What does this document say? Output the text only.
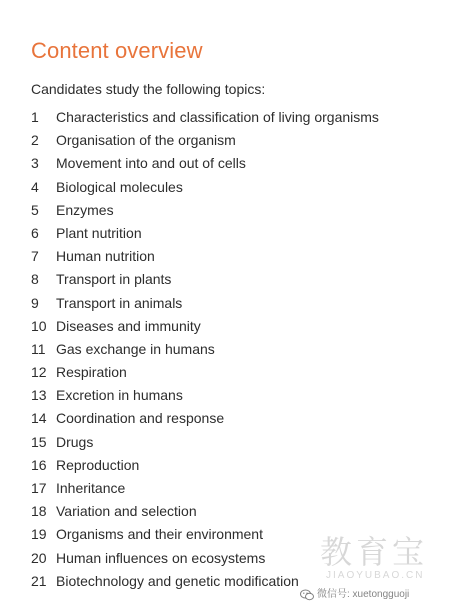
Content overview
Candidates study the following topics:
1 Characteristics and classification of living organisms
2 Organisation of the organism
3 Movement into and out of cells
4 Biological molecules
5 Enzymes
6 Plant nutrition
7 Human nutrition
8 Transport in plants
9 Transport in animals
10 Diseases and immunity
11 Gas exchange in humans
12 Respiration
13 Excretion in humans
14 Coordination and response
15 Drugs
16 Reproduction
17 Inheritance
18 Variation and selection
19 Organisms and their environment
20 Human influences on ecosystems
21 Biotechnology and genetic modification
教育宝
JIAOYUBAO.CN
微信号: xuetongguoji
